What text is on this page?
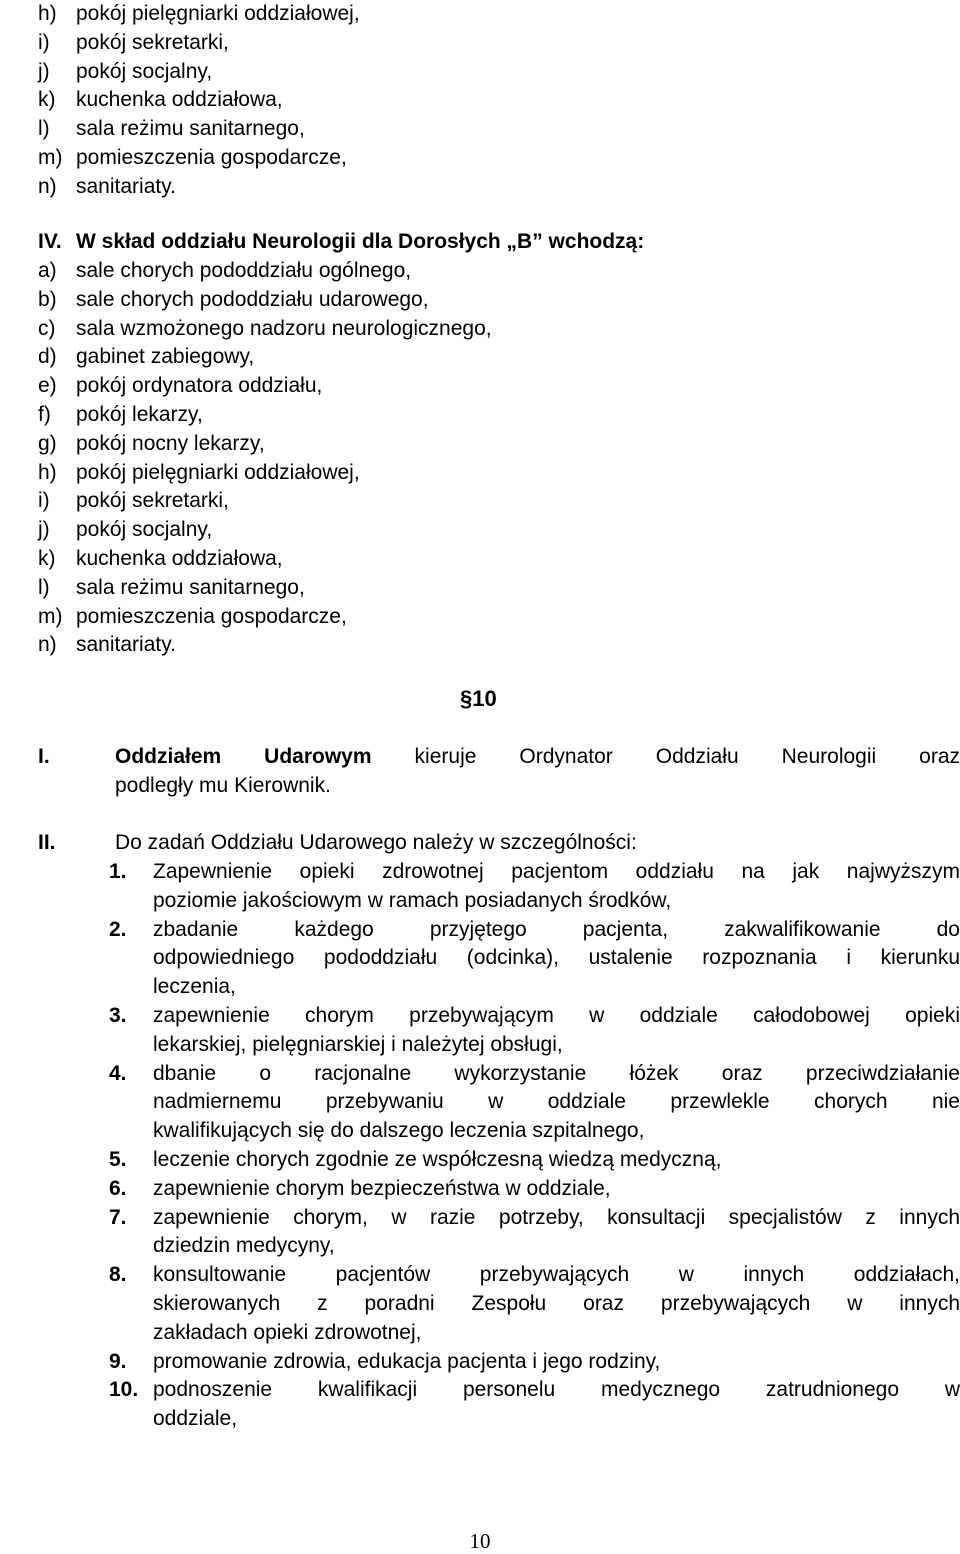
h) pokój pielęgniarki oddziałowej,
i) pokój sekretarki,
j) pokój socjalny,
k) kuchenka oddziałowa,
l) sala reżimu sanitarnego,
m) pomieszczenia gospodarcze,
n) sanitariaty.
IV. W skład oddziału Neurologii dla Dorosłych „B” wchodzą:
a) sale chorych pododdziału ogólnego,
b) sale chorych pododdziału udarowego,
c) sala wzmożonego nadzoru neurologicznego,
d) gabinet zabiegowy,
e) pokój ordynatora oddziału,
f) pokój lekarzy,
g) pokój nocny lekarzy,
h) pokój pielęgniarki oddziałowej,
i) pokój sekretarki,
j) pokój socjalny,
k) kuchenka oddziałowa,
l) sala reżimu sanitarnego,
m) pomieszczenia gospodarcze,
n) sanitariaty.
§10
I.	Oddziałem Udarowym kieruje Ordynator Oddziału Neurologii oraz
podległy mu Kierownik.
II.	Do zadań Oddziału Udarowego należy w szczególności:
1. Zapewnienie opieki zdrowotnej pacjentom oddziału na jak najwyższym
poziomie jakościowym w ramach posiadanych środków,
2. zbadanie każdego przyjętego pacjenta, zakwalifikowanie do
odpowiedniego pododdziału (odcinka), ustalenie rozpoznania i kierunku
leczenia,
3. zapewnienie chorym przebywającym w oddziale całodobowej opieki
lekarskiej, pielęgniarskiej i należytej obsługi,
4. dbanie o racjonalne wykorzystanie łóżek oraz przeciwdziałanie
nadmiernemu przebywaniu w oddziale przewlekle chorych nie
kwalifikujących się do dalszego leczenia szpitalnego,
5. leczenie chorych zgodnie ze współczesną wiedzą medyczną,
6. zapewnienie chorym bezpieczeństwa w oddziale,
7. zapewnienie chorym, w razie potrzeby, konsultacji specjalistów z innych
dziedzin medycyny,
8. konsultowanie pacjentów przebywających w innych oddziałach,
skierowanych z poradni Zespołu oraz przebywających w innych
zakładach opieki zdrowotnej,
9. promowanie zdrowia, edukacja pacjenta i jego rodziny,
10. podnoszenie kwalifikacji personelu medycznego zatrudnionego w
oddziale,
10
